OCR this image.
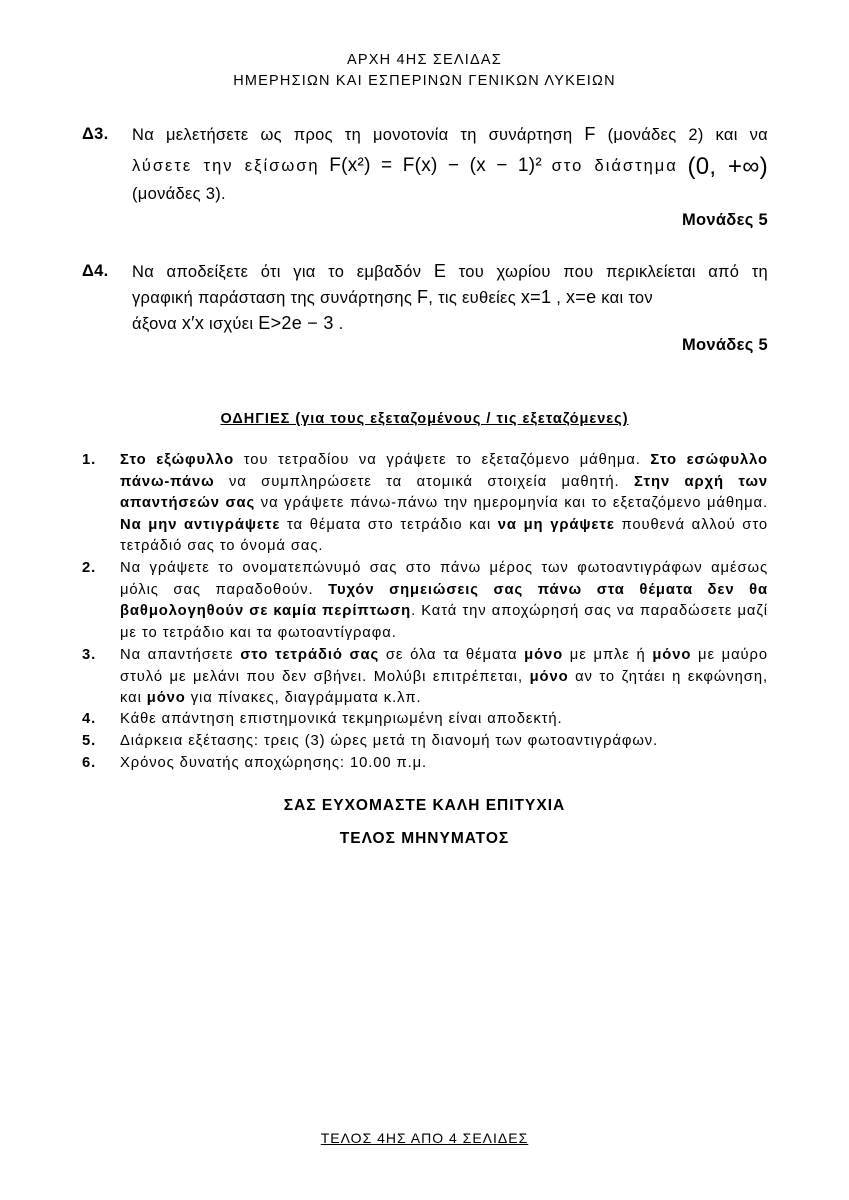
ΑΡΧΗ 4ΗΣ ΣΕΛΙΔΑΣ
ΗΜΕΡΗΣΙΩΝ ΚΑΙ ΕΣΠΕΡΙΝΩΝ ΓΕΝΙΚΩΝ ΛΥΚΕΙΩΝ
Δ3. Να μελετήσετε ως προς τη μονοτονία τη συνάρτηση F (μονάδες 2) και να
λύσετε την εξίσωση F(x²) = F(x) − (x − 1)² στο διάστημα (0, +∞)
(μονάδες 3).
Μονάδες 5
Δ4. Να αποδείξετε ότι για το εμβαδόν E του χωρίου που περικλείεται από τη
γραφική παράσταση της συνάρτησης F, τις ευθείες x=1 , x=e και τον
άξονα x′x ισχύει E>2e − 3 .
Μονάδες 5
ΟΔΗΓΙΕΣ (για τους εξεταζομένους / τις εξεταζόμενες)
1. Στο εξώφυλλο του τετραδίου να γράψετε το εξεταζόμενο μάθημα. Στο εσώφυλλο πάνω-πάνω να συμπληρώσετε τα ατομικά στοιχεία μαθητή. Στην αρχή των απαντήσεών σας να γράψετε πάνω-πάνω την ημερομηνία και το εξεταζόμενο μάθημα. Να μην αντιγράψετε τα θέματα στο τετράδιο και να μη γράψετε πουθενά αλλού στο τετράδιό σας το όνομά σας.
2. Να γράψετε το ονοματεπώνυμό σας στο πάνω μέρος των φωτοαντιγράφων αμέσως μόλις σας παραδοθούν. Τυχόν σημειώσεις σας πάνω στα θέματα δεν θα βαθμολογηθούν σε καμία περίπτωση. Κατά την αποχώρησή σας να παραδώσετε μαζί με το τετράδιο και τα φωτοαντίγραφα.
3. Να απαντήσετε στο τετράδιό σας σε όλα τα θέματα μόνο με μπλε ή μόνο με μαύρο στυλό με μελάνι που δεν σβήνει. Μολύβι επιτρέπεται, μόνο αν το ζητάει η εκφώνηση, και μόνο για πίνακες, διαγράμματα κ.λπ.
4. Κάθε απάντηση επιστημονικά τεκμηριωμένη είναι αποδεκτή.
5. Διάρκεια εξέτασης: τρεις (3) ώρες μετά τη διανομή των φωτοαντιγράφων.
6. Χρόνος δυνατής αποχώρησης: 10.00 π.μ.
ΣΑΣ ΕΥΧΟΜΑΣΤΕ ΚΑΛΗ ΕΠΙΤΥΧΙΑ
ΤΕΛΟΣ ΜΗΝΥΜΑΤΟΣ
ΤΕΛΟΣ 4ΗΣ ΑΠΟ 4 ΣΕΛΙΔΕΣ
